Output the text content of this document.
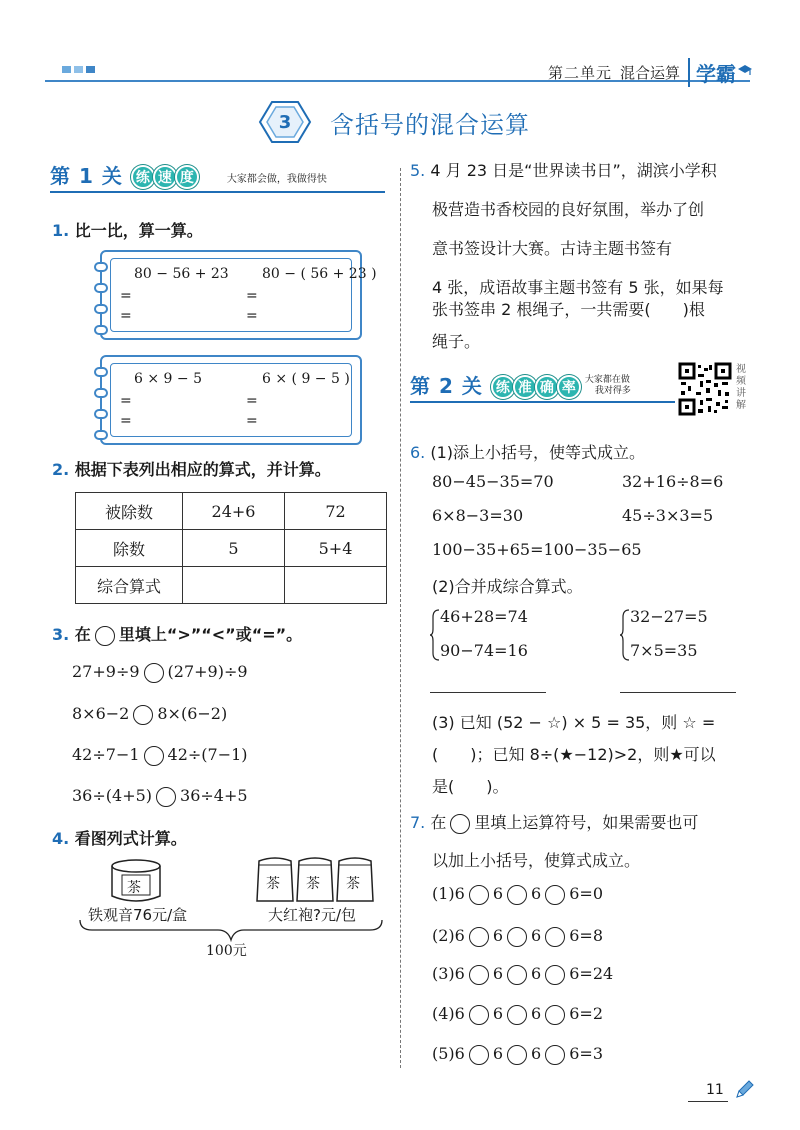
第二单元 混合运算 学霸
3	含括号的混合运算
第 1 关 练 速 度	大家都会做，我做得快
1. 比一比，算一算。
80 − 56 + 23 80 − ( 56 + 23 )
=
=
=
=
6 × 9 − 5	6 × ( 9 − 5 )
=
=
=
=
2. 根据下表列出相应的算式，并计算。
被除数	24+6	72
除数	5	5+4
综合算式		
3. 在 里填上“>”“<”或“=”。
27+9÷9 (27+9)÷9
8×6−2 8×(6−2)
42÷7−1 42÷(7−1)
36÷(4+5) 36÷4+5
4. 看图列式计算。
茶	茶 茶 茶
铁观音76元/盒	大红袍?元/包
100元
5. 4 月 23 日是“世界读书日”，湖滨小学积
极营造书香校园的良好氛围，举办了创
意书签设计大赛。古诗主题书签有
4 张，成语故事主题书签有 5 张，如果每
张书签串 2 根绳子，一共需要(　　)根
绳子。
第 2 关 练 准 确 率	大家都在做
我对得多
视
频
讲
解
6. (1)添上小括号，使等式成立。
80−45−35=70	32+16÷8=6
6×8−3=30	45÷3×3=5
100−35+65=100−35−65
(2)合并成综合算式。
46+28=74
90−74=16
32−27=5
7×5=35
(3) 已知 (52 − ☆) × 5 = 35，则 ☆ =
(　　)；已知 8÷(★−12)>2，则★可以
是(　　)。
7. 在 里填上运算符号，如果需要也可
以加上小括号，使算式成立。
(1)6 6 6 6=0
(2)6 6 6 6=8
(3)6 6 6 6=24
(4)6 6 6 6=2
(5)6 6 6 6=3
11
